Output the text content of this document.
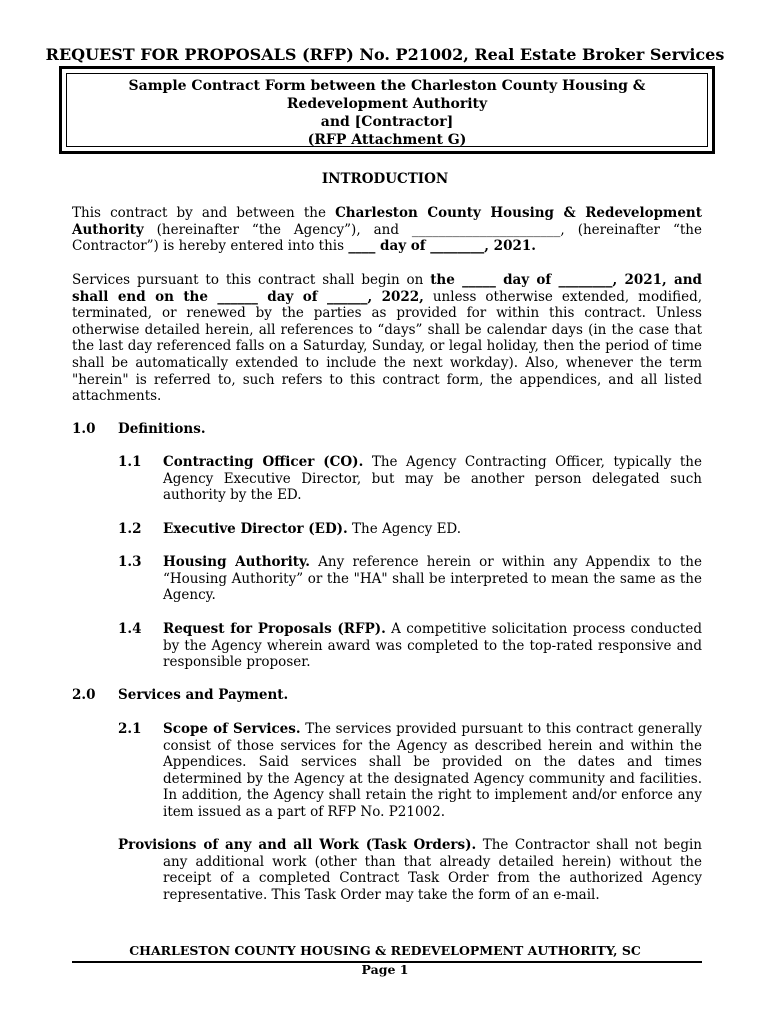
REQUEST FOR PROPOSALS (RFP) No. P21002, Real Estate Broker Services
Sample Contract Form between the Charleston County Housing &
Redevelopment Authority
and [Contractor]
(RFP Attachment G)
INTRODUCTION
This contract by and between the Charleston County Housing & Redevelopment Authority (hereinafter “the Agency”), and ______________________, (hereinafter “the Contractor”) is hereby entered into this ____ day of ________, 2021.
Services pursuant to this contract shall begin on the _____ day of ________, 2021, and shall end on the ______ day of ______, 2022, unless otherwise extended, modified, terminated, or renewed by the parties as provided for within this contract. Unless otherwise detailed herein, all references to “days” shall be calendar days (in the case that the last day referenced falls on a Saturday, Sunday, or legal holiday, then the period of time shall be automatically extended to include the next workday). Also, whenever the term "herein" is referred to, such refers to this contract form, the appendices, and all listed attachments.
1.0 Definitions.
1.1 Contracting Officer (CO). The Agency Contracting Officer, typically the Agency Executive Director, but may be another person delegated such authority by the ED.
1.2 Executive Director (ED). The Agency ED.
1.3 Housing Authority. Any reference herein or within any Appendix to the “Housing Authority” or the "HA" shall be interpreted to mean the same as the Agency.
1.4 Request for Proposals (RFP). A competitive solicitation process conducted by the Agency wherein award was completed to the top-rated responsive and responsible proposer.
2.0 Services and Payment.
2.1 Scope of Services. The services provided pursuant to this contract generally consist of those services for the Agency as described herein and within the Appendices. Said services shall be provided on the dates and times determined by the Agency at the designated Agency community and facilities. In addition, the Agency shall retain the right to implement and/or enforce any item issued as a part of RFP No. P21002.
Provisions of any and all Work (Task Orders). The Contractor shall not begin any additional work (other than that already detailed herein) without the receipt of a completed Contract Task Order from the authorized Agency representative. This Task Order may take the form of an e-mail.
CHARLESTON COUNTY HOUSING & REDEVELOPMENT AUTHORITY, SC
Page 1
